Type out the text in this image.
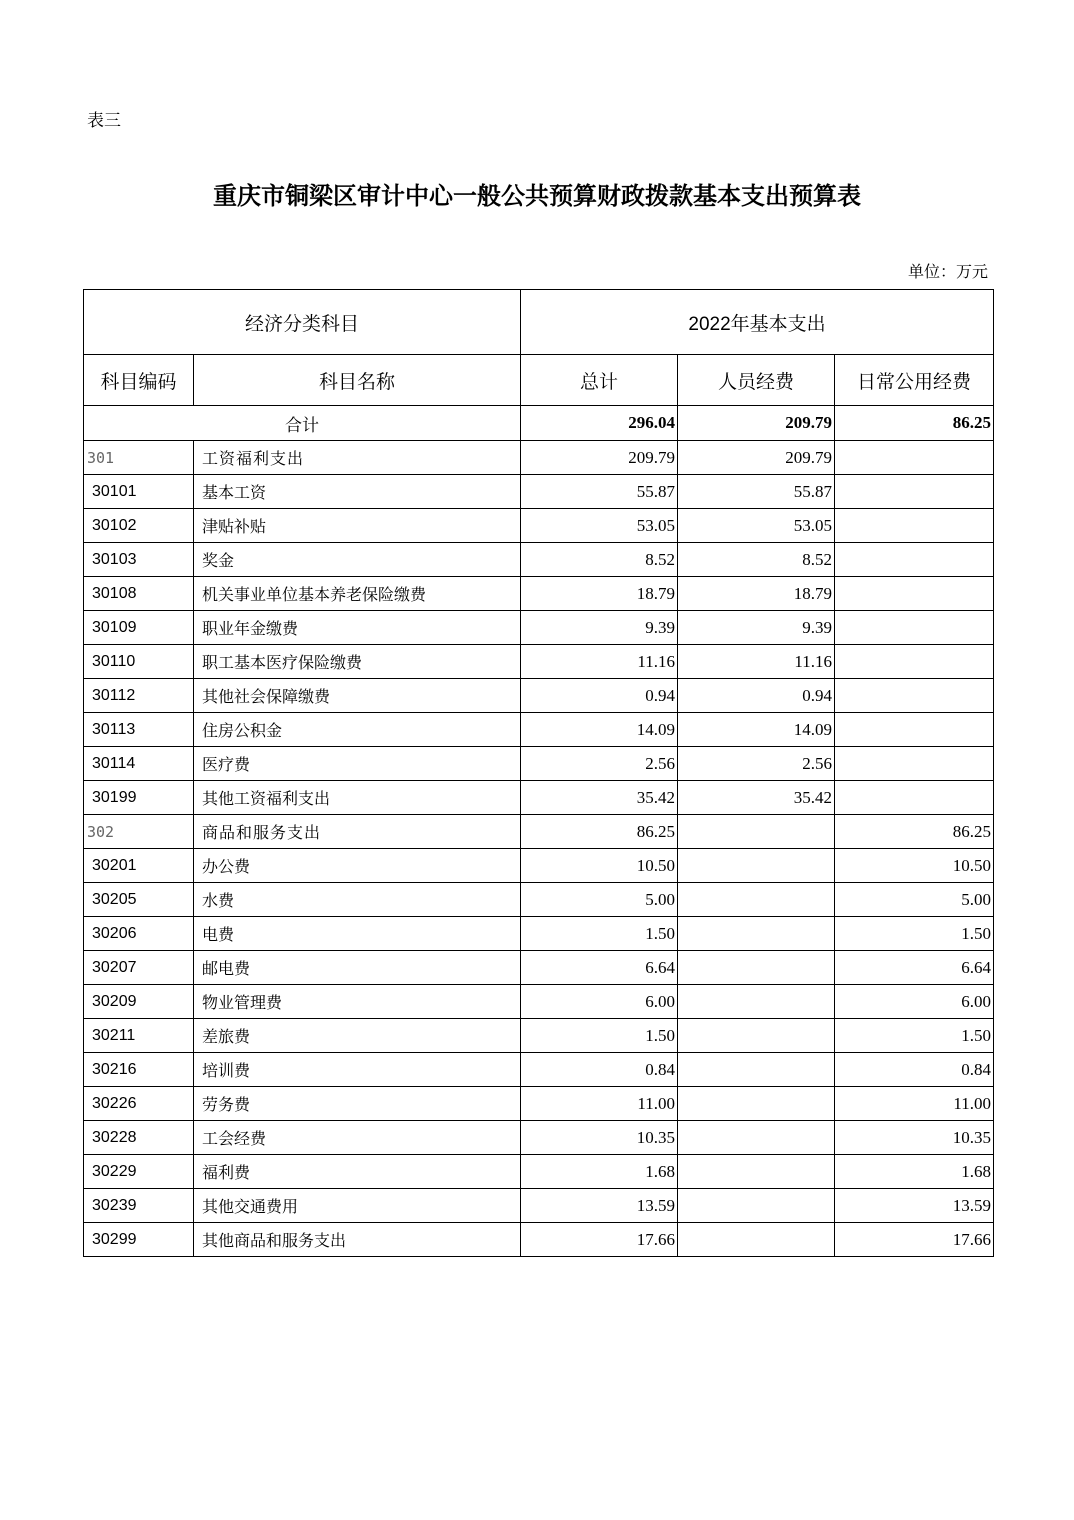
表三
重庆市铜梁区审计中心一般公共预算财政拨款基本支出预算表
单位：万元
经济分类科目		2022年基本支出		
科目编码	科目名称	总计	人员经费	日常公用经费
合计		296.04	209.79	86.25
301	工资福利支出	209.79	209.79	
30101	基本工资	55.87	55.87	
30102	津贴补贴	53.05	53.05	
30103	奖金	8.52	8.52	
30108	机关事业单位基本养老保险缴费	18.79	18.79	
30109	职业年金缴费	9.39	9.39	
30110	职工基本医疗保险缴费	11.16	11.16	
30112	其他社会保障缴费	0.94	0.94	
30113	住房公积金	14.09	14.09	
30114	医疗费	2.56	2.56	
30199	其他工资福利支出	35.42	35.42	
302	商品和服务支出	86.25		86.25
30201	办公费	10.50		10.50
30205	水费	5.00		5.00
30206	电费	1.50		1.50
30207	邮电费	6.64		6.64
30209	物业管理费	6.00		6.00
30211	差旅费	1.50		1.50
30216	培训费	0.84		0.84
30226	劳务费	11.00		11.00
30228	工会经费	10.35		10.35
30229	福利费	1.68		1.68
30239	其他交通费用	13.59		13.59
30299	其他商品和服务支出	17.66		17.66
